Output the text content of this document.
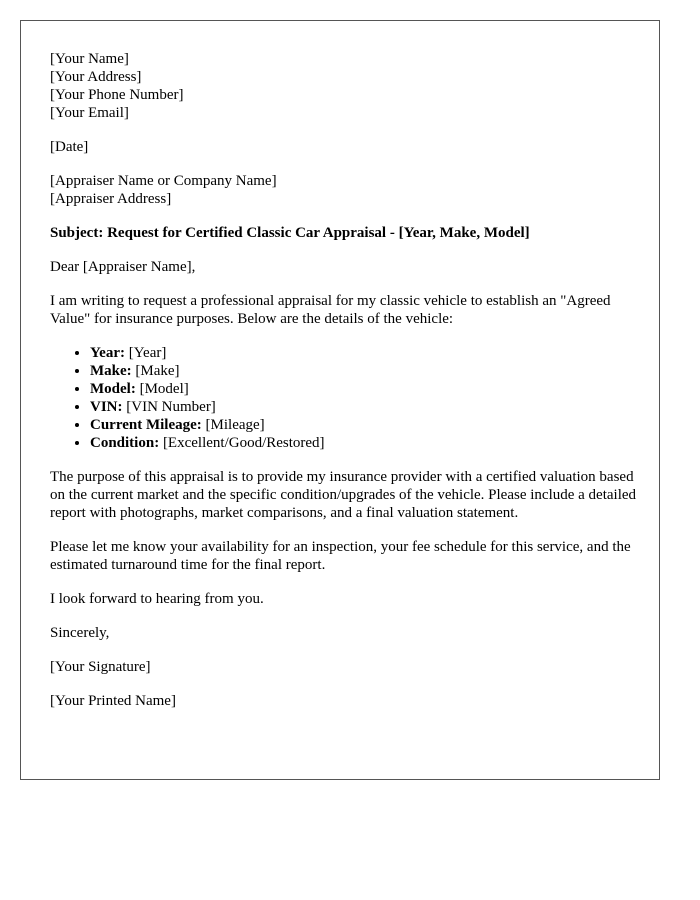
[Your Name]
[Your Address]
[Your Phone Number]
[Your Email]

[Date]

[Appraiser Name or Company Name]
[Appraiser Address]

Subject: Request for Certified Classic Car Appraisal - [Year, Make, Model]

Dear [Appraiser Name],

I am writing to request a professional appraisal for my classic vehicle to establish an "Agreed Value" for insurance purposes. Below are the details of the vehicle:

• Year: [Year]
• Make: [Make]
• Model: [Model]
• VIN: [VIN Number]
• Current Mileage: [Mileage]
• Condition: [Excellent/Good/Restored]

The purpose of this appraisal is to provide my insurance provider with a certified valuation based on the current market and the specific condition/upgrades of the vehicle. Please include a detailed report with photographs, market comparisons, and a final valuation statement.

Please let me know your availability for an inspection, your fee schedule for this service, and the estimated turnaround time for the final report.

I look forward to hearing from you.

Sincerely,

[Your Signature]

[Your Printed Name]
